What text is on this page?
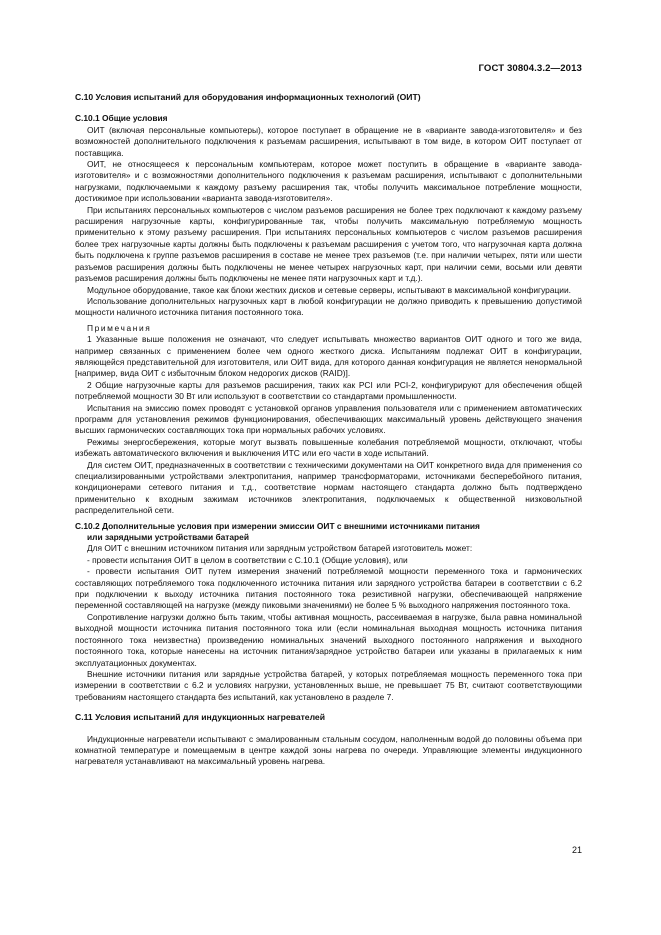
ГОСТ 30804.3.2—2013
С.10 Условия испытаний для оборудования информационных технологий (ОИТ)
С.10.1 Общие условия

ОИТ (включая персональные компьютеры), которое поступает в обращение не в «варианте завода-изготовителя» и без возможностей дополнительного подключения к разъемам расширения, испытывают в том виде, в котором ОИТ поступает от поставщика.

ОИТ, не относящееся к персональным компьютерам, которое может поступить в обращение в «варианте завода-изготовителя» и с возможностями дополнительного подключения к разъемам расширения, испытывают с дополнительными нагрузками, подключаемыми к каждому разъему расширения так, чтобы получить максимальное потребление мощности, достижимое при использовании «варианта завода-изготовителя».

При испытаниях персональных компьютеров с числом разъемов расширения не более трех подключают к каждому разъему расширения нагрузочные карты, конфигурированные так, чтобы получить максимальную потребляемую мощность применительно к этому разъему расширения. При испытаниях персональных компьютеров с числом разъемов расширения более трех нагрузочные карты должны быть подключены к разъемам расширения с учетом того, что нагрузочная карта должна быть подключена к группе разъемов расширения в составе не менее трех разъемов (т.е. при наличии четырех, пяти или шести разъемов расширения должны быть подключены не менее четырех нагрузочных карт, при наличии семи, восьми или девяти разъемов расширения должны быть подключены не менее пяти нагрузочных карт и т.д.).

Модульное оборудование, такое как блоки жестких дисков и сетевые серверы, испытывают в максимальной конфигурации.

Использование дополнительных нагрузочных карт в любой конфигурации не должно приводить к превышению допустимой мощности наличного источника питания постоянного тока.

Примечания

1 Указанные выше положения не означают, что следует испытывать множество вариантов ОИТ одного и того же вида, например связанных с применением более чем одного жесткого диска. Испытаниям подлежат ОИТ в конфигурации, являющейся представительной для изготовителя, или ОИТ вида, для которого данная конфигурация не является ненормальной [например, вида ОИТ с избыточным блоком недорогих дисков (RAID)].

2 Общие нагрузочные карты для разъемов расширения, таких как PCI или PCI-2, конфигурируют для обеспечения общей потребляемой мощности 30 Вт или используют в соответствии со стандартами промышленности.

Испытания на эмиссию помех проводят с установкой органов управления пользователя или с применением автоматических программ для установления режимов функционирования, обеспечивающих максимальный уровень действующего значения высших гармонических составляющих тока при нормальных рабочих условиях.

Режимы энергосбережения, которые могут вызвать повышенные колебания потребляемой мощности, отключают, чтобы избежать автоматического включения и выключения ИТС или его части в ходе испытаний.

Для систем ОИТ, предназначенных в соответствии с техническими документами на ОИТ конкретного вида для применения со специализированными устройствами электропитания, например трансформаторами, источниками бесперебойного питания, кондиционерами сетевого питания и т.д., соответствие нормам настоящего стандарта должно быть подтверждено применительно к входным зажимам источников электропитания, подключаемых к общественной низковольтной распределительной сети.

С.10.2 Дополнительные условия при измерении эмиссии ОИТ с внешними источниками питания
или зарядными устройствами батарей

Для ОИТ с внешним источником питания или зарядным устройством батарей изготовитель может:

- провести испытания ОИТ в целом в соответствии с С.10.1 (Общие условия), или

- провести испытания ОИТ путем измерения значений потребляемой мощности переменного тока и гармонических составляющих потребляемого тока подключенного источника питания или зарядного устройства батареи в соответствии с 6.2 при подключении к выходу источника питания постоянного тока резистивной нагрузки, обеспечивающей напряжение переменной составляющей на нагрузке (между пиковыми значениями) не более 5 % выходного напряжения постоянного тока.

Сопротивление нагрузки должно быть таким, чтобы активная мощность, рассеиваемая в нагрузке, была равна номинальной выходной мощности источника питания постоянного тока или (если номинальная выходная мощность источника питания постоянного тока неизвестна) произведению номинальных значений выходного постоянного напряжения и выходного постоянного тока, которые нанесены на источник питания/зарядное устройство батареи или указаны в прилагаемых к ним эксплуатационных документах.

Внешние источники питания или зарядные устройства батарей, у которых потребляемая мощность переменного тока при измерении в соответствии с 6.2 и условиях нагрузки, установленных выше, не превышает 75 Вт, считают соответствующими требованиям настоящего стандарта без испытаний, как установлено в разделе 7.

С.11 Условия испытаний для индукционных нагревателей

Индукционные нагреватели испытывают с эмалированным стальным сосудом, наполненным водой до половины объема при комнатной температуре и помещаемым в центре каждой зоны нагрева по очереди. Управляющие элементы индукционного нагревателя устанавливают на максимальный уровень нагрева.

21
